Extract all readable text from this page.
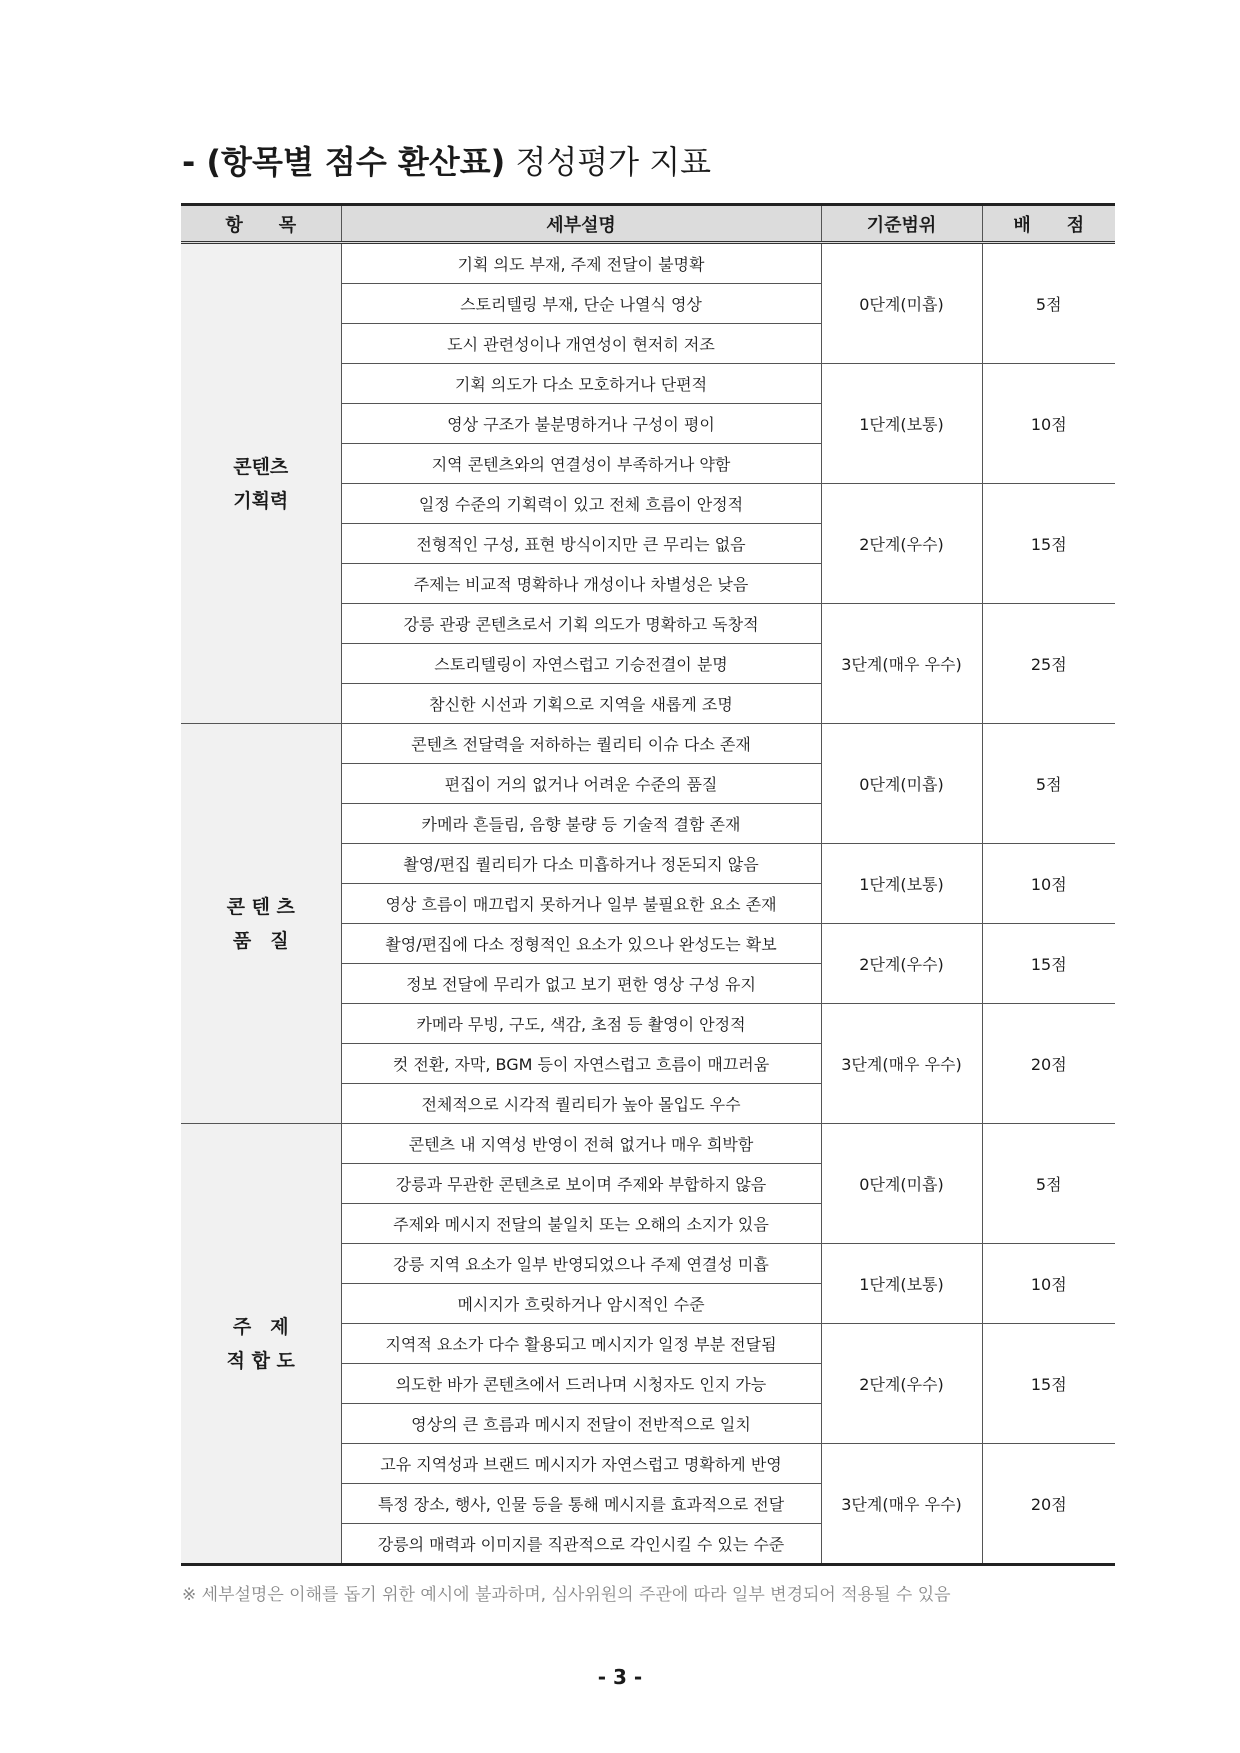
- (항목별 점수 환산표) 정성평가 지표
항　　목	세부설명	기준범위	배　　점

콘텐츠
기획력	기획 의도 부재, 주제 전달이 불명확	0단계(미흡)	5점
	스토리텔링 부재, 단순 나열식 영상		
	도시 관련성이나 개연성이 현저히 저조		
	기획 의도가 다소 모호하거나 단편적	1단계(보통)	10점
	영상 구조가 불분명하거나 구성이 평이		
	지역 콘텐츠와의 연결성이 부족하거나 약함		
	일정 수준의 기획력이 있고 전체 흐름이 안정적	2단계(우수)	15점
	전형적인 구성, 표현 방식이지만 큰 무리는 없음		
	주제는 비교적 명확하나 개성이나 차별성은 낮음		
	강릉 관광 콘텐츠로서 기획 의도가 명확하고 독창적	3단계(매우 우수)	25점
	스토리텔링이 자연스럽고 기승전결이 분명		
	참신한 시선과 기획으로 지역을 새롭게 조명		

콘 텐 츠
품　질	콘텐츠 전달력을 저하하는 퀄리티 이슈 다소 존재	0단계(미흡)	5점
	편집이 거의 없거나 어려운 수준의 품질		
	카메라 흔들림, 음향 불량 등 기술적 결함 존재		
	촬영/편집 퀄리티가 다소 미흡하거나 정돈되지 않음	1단계(보통)	10점
	영상 흐름이 매끄럽지 못하거나 일부 불필요한 요소 존재		
	촬영/편집에 다소 정형적인 요소가 있으나 완성도는 확보	2단계(우수)	15점
	정보 전달에 무리가 없고 보기 편한 영상 구성 유지		
	카메라 무빙, 구도, 색감, 초점 등 촬영이 안정적	3단계(매우 우수)	20점
	컷 전환, 자막, BGM 등이 자연스럽고 흐름이 매끄러움		
	전체적으로 시각적 퀄리티가 높아 몰입도 우수		

주　제
적 합 도	콘텐츠 내 지역성 반영이 전혀 없거나 매우 희박함	0단계(미흡)	5점
	강릉과 무관한 콘텐츠로 보이며 주제와 부합하지 않음		
	주제와 메시지 전달의 불일치 또는 오해의 소지가 있음		
	강릉 지역 요소가 일부 반영되었으나 주제 연결성 미흡	1단계(보통)	10점
	메시지가 흐릿하거나 암시적인 수준		
	지역적 요소가 다수 활용되고 메시지가 일정 부분 전달됨	2단계(우수)	15점
	의도한 바가 콘텐츠에서 드러나며 시청자도 인지 가능		
	영상의 큰 흐름과 메시지 전달이 전반적으로 일치		
	고유 지역성과 브랜드 메시지가 자연스럽고 명확하게 반영	3단계(매우 우수)	20점
	특정 장소, 행사, 인물 등을 통해 메시지를 효과적으로 전달		
	강릉의 매력과 이미지를 직관적으로 각인시킬 수 있는 수준		
※ 세부설명은 이해를 돕기 위한 예시에 불과하며, 심사위원의 주관에 따라 일부 변경되어 적용될 수 있음
- 3 -
